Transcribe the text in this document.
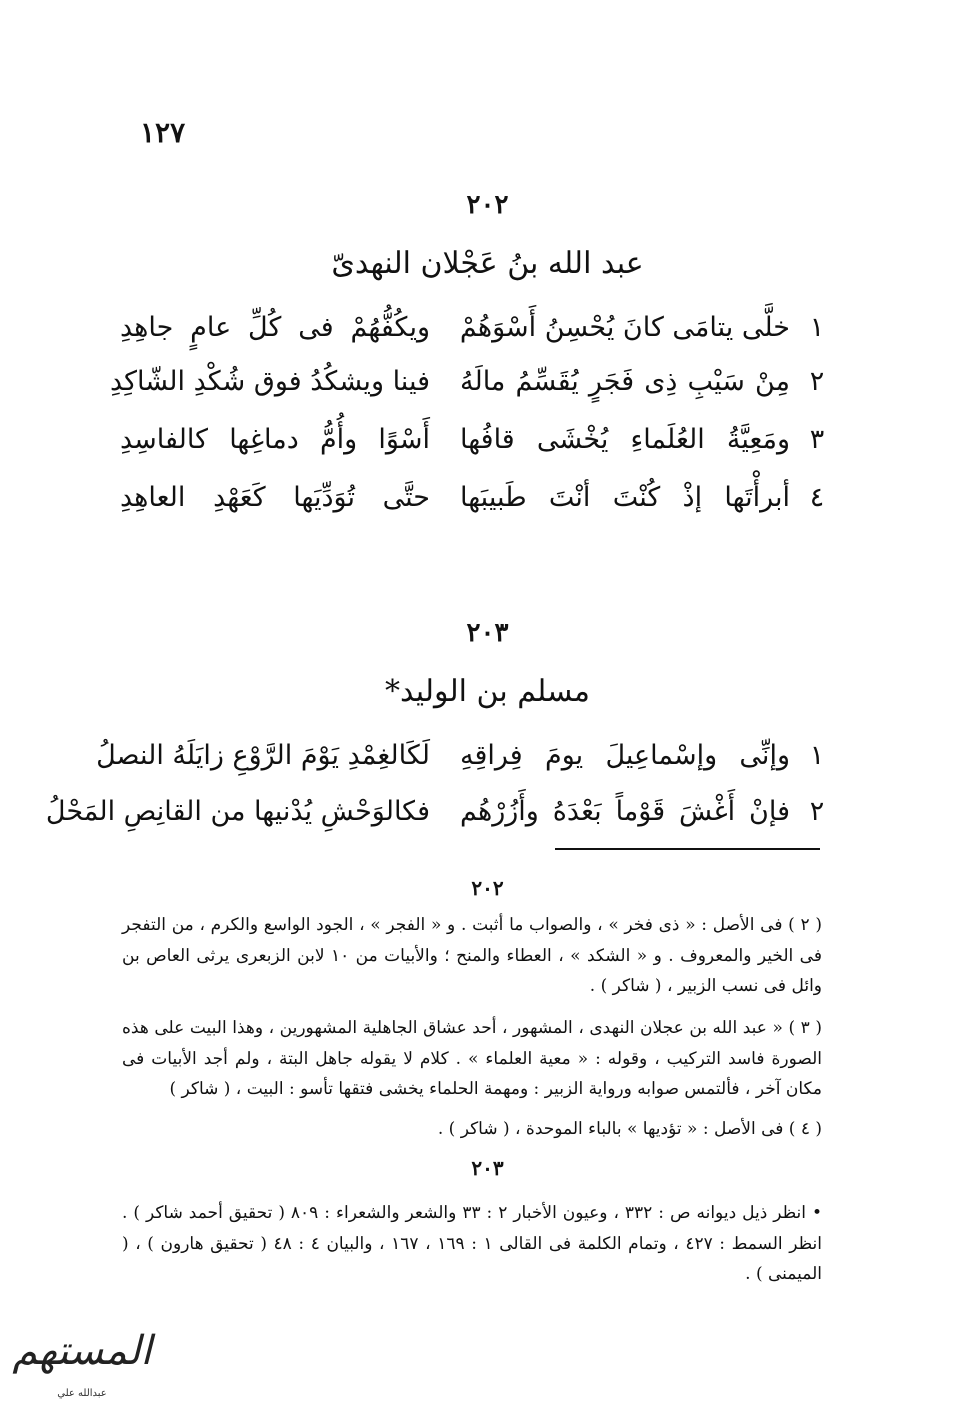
١٢٧
٢٠٢
عبد الله بنُ عَجْلان النهدىّ
١
خلَّى يتامَى كانَ يُحْسِنُ أَسْوَهُمْ
ويكُفُّهُمْ فى كُلِّ عامٍ جاهِدِ
٢
مِنْ سَيْبِ ذِى فَجَرٍ يُقَسِّمُ مالَهُ
فينا ويشكُدُ فوق شُكْدِ الشّاكِدِ
٣
ومَعِيَّةُ العُلَماءِ يُخْشَى قافُها
أَسْوًا وأُمُّ دماغِها كالفاسِدِ
٤
أبرأْتَها إذْ كُنْتَ أنْتَ طَبيبَها
حتَّى تُوَدِّيَها كَعَهْدِ العاهِدِ
٢٠٣
مسلم بن الوليد*
١
وإنِّى وإسْماعِيلَ يومَ فِراقِهِ
لَكَالغِمْدِ يَوْمَ الرَّوْعِ زايَلَهُ النصلُ
٢
فإنْ أَغْشَ قَوْماً بَعْدَهُ وأَزُرْهُم
فكالوَحْشِ يُدْنيها من القانِصِ المَحْلُ
٢٠٢
( ٢ ) فى الأصل : « ذى فخر » ، والصواب ما أثبت . و « الفجر » ، الجود الواسع والكرم ، من التفجر فى الخير والمعروف . و « الشكد » ، العطاء والمنح ؛ والأبيات من ١٠ لابن الزبعرى يرثى العاص بن وائل فى نسب الزبير ، ( شاكر ) .
( ٣ ) « عبد الله بن عجلان النهدى ، المشهور ، أحد عشاق الجاهلية المشهورين ، وهذا البيت على هذه الصورة فاسد التركيب ، وقوله : « معية العلماء » . كلام لا يقوله جاهل البتة ، ولم أجد الأبيات فى مكان آخر ، فألتمس صوابه ورواية الزبير : ومهمة الحلماء يخشى فتقها تأسو : البيت ، ( شاكر )
( ٤ ) فى الأصل : « تؤديها » بالباء الموحدة ، ( شاكر ) .
٢٠٣
• انظر ذيل ديوانه ص : ٣٣٢ ، وعيون الأخبار ٢ : ٣٣ والشعر والشعراء : ٨٠٩ ( تحقيق أحمد شاكر ) . انظر السمط : ٤٢٧ ، وتمام الكلمة فى القالى ١ : ١٦٩ ، ١٦٧ ، والبيان ٤ : ٤٨ ( تحقيق هارون ) ، ( الميمنى ) .
المستهم
عبدالله علي
